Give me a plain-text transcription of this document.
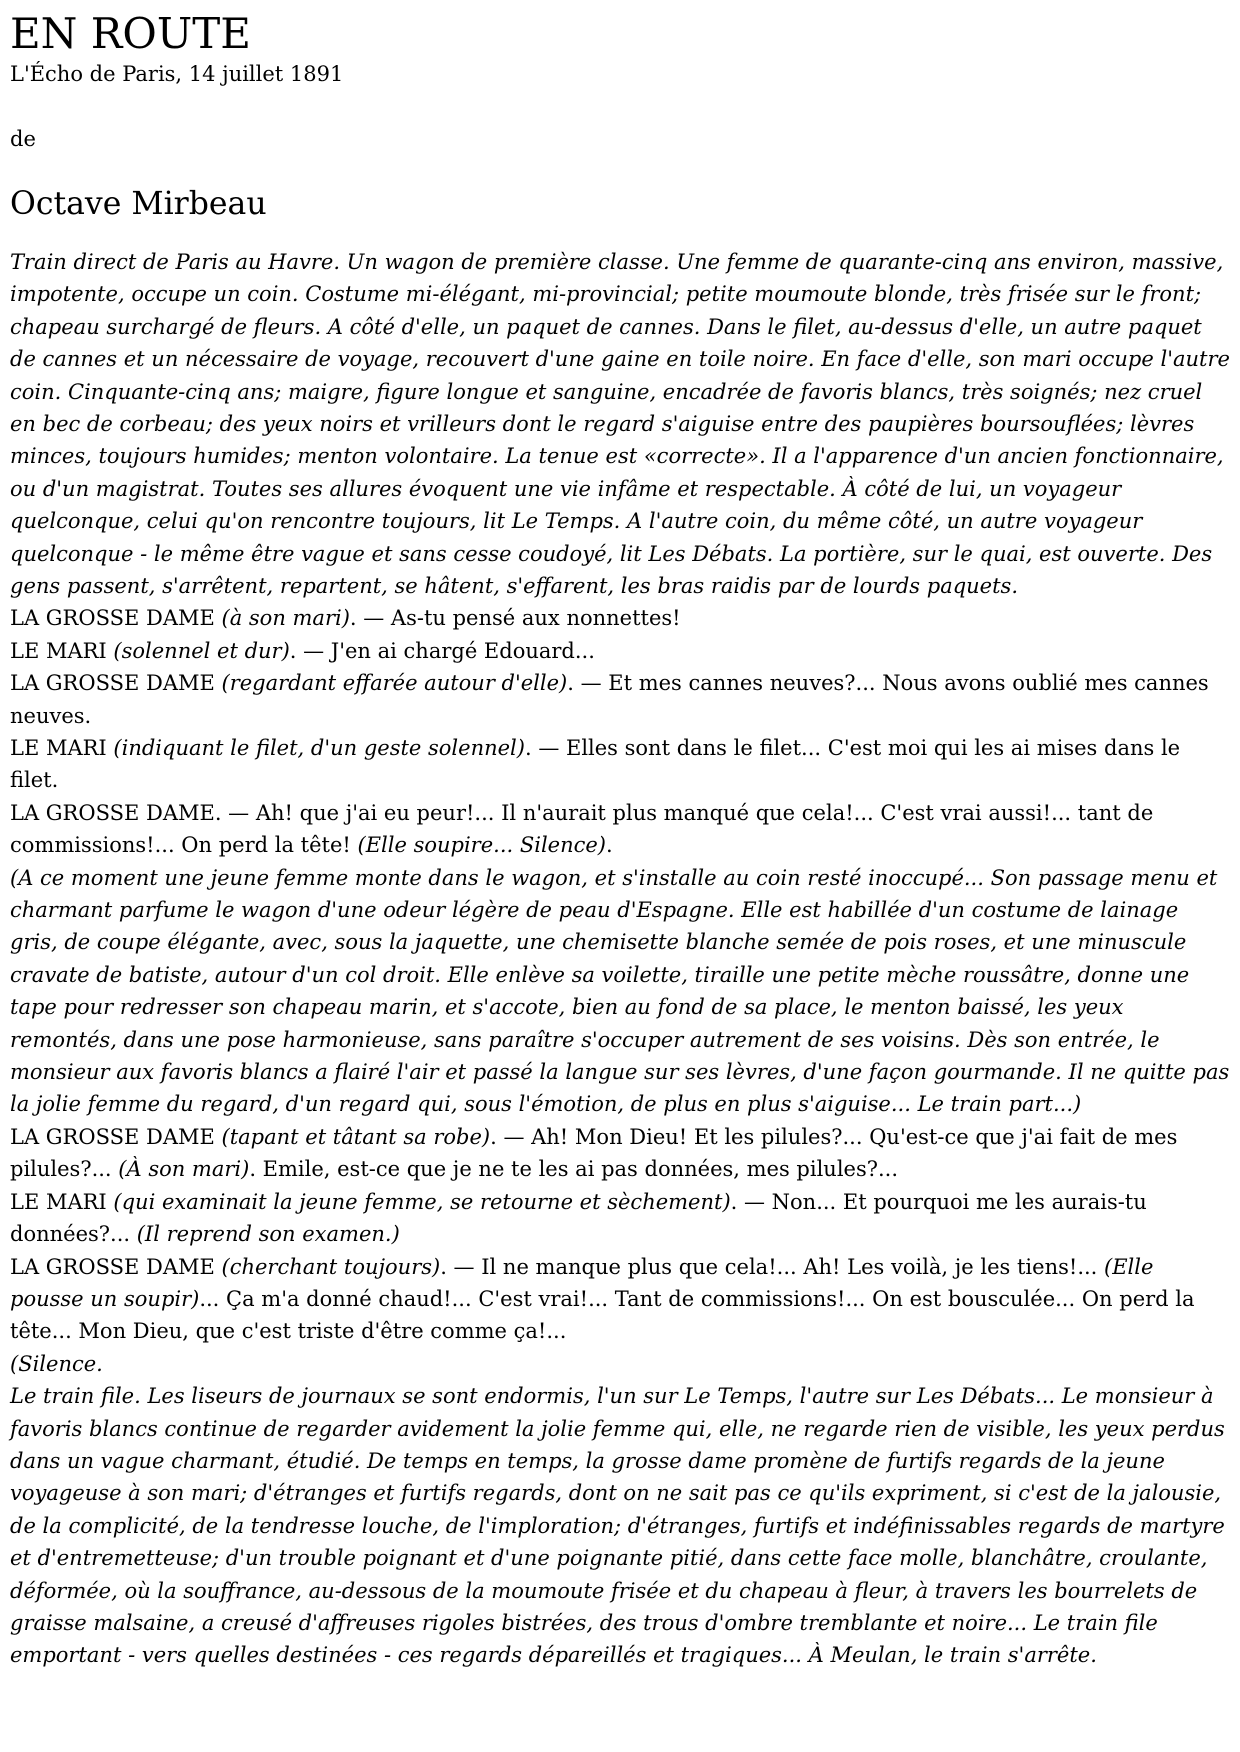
EN ROUTE

L'Écho de Paris, 14 juillet 1891

de

Octave Mirbeau

Train direct de Paris au Havre. Un wagon de première classe. Une femme de quarante-cinq ans environ, massive, impotente, occupe un coin. Costume mi-élégant, mi-provincial; petite moumoute blonde, très frisée sur le front; chapeau surchargé de fleurs. A côté d'elle, un paquet de cannes. Dans le filet, au-dessus d'elle, un autre paquet de cannes et un nécessaire de voyage, recouvert d'une gaine en toile noire. En face d'elle, son mari occupe l'autre coin. Cinquante-cinq ans; maigre, figure longue et sanguine, encadrée de favoris blancs, très soignés; nez cruel en bec de corbeau; des yeux noirs et vrilleurs dont le regard s'aiguise entre des paupières boursouflées; lèvres minces, toujours humides; menton volontaire. La tenue est «correcte». Il a l'apparence d'un ancien fonctionnaire, ou d'un magistrat. Toutes ses allures évoquent une vie infâme et respectable. À côté de lui, un voyageur quelconque, celui qu'on rencontre toujours, lit Le Temps. A l'autre coin, du même côté, un autre voyageur quelconque - le même être vague et sans cesse coudoyé, lit Les Débats. La portière, sur le quai, est ouverte. Des gens passent, s'arrêtent, repartent, se hâtent, s'effarent, les bras raidis par de lourds paquets.

LA GROSSE DAME (à son mari). — As-tu pensé aux nonnettes!

LE MARI (solennel et dur). — J'en ai chargé Edouard...

LA GROSSE DAME (regardant effarée autour d'elle). — Et mes cannes neuves?... Nous avons oublié mes cannes neuves.

LE MARI (indiquant le filet, d'un geste solennel). — Elles sont dans le filet... C'est moi qui les ai mises dans le filet.

LA GROSSE DAME. — Ah! que j'ai eu peur!... Il n'aurait plus manqué que cela!... C'est vrai aussi!... tant de commissions!... On perd la tête! (Elle soupire... Silence).

(A ce moment une jeune femme monte dans le wagon, et s'installe au coin resté inoccupé... Son passage menu et charmant parfume le wagon d'une odeur légère de peau d'Espagne. Elle est habillée d'un costume de lainage gris, de coupe élégante, avec, sous la jaquette, une chemisette blanche semée de pois roses, et une minuscule cravate de batiste, autour d'un col droit. Elle enlève sa voilette, tiraille une petite mèche roussâtre, donne une tape pour redresser son chapeau marin, et s'accote, bien au fond de sa place, le menton baissé, les yeux remontés, dans une pose harmonieuse, sans paraître s'occuper autrement de ses voisins. Dès son entrée, le monsieur aux favoris blancs a flairé l'air et passé la langue sur ses lèvres, d'une façon gourmande. Il ne quitte pas la jolie femme du regard, d'un regard qui, sous l'émotion, de plus en plus s'aiguise... Le train part...)

LA GROSSE DAME (tapant et tâtant sa robe). — Ah! Mon Dieu! Et les pilules?... Qu'est-ce que j'ai fait de mes pilules?... (À son mari). Emile, est-ce que je ne te les ai pas données, mes pilules?...

LE MARI (qui examinait la jeune femme, se retourne et sèchement). — Non... Et pourquoi me les aurais-tu données?... (Il reprend son examen.)

LA GROSSE DAME (cherchant toujours). — Il ne manque plus que cela!... Ah! Les voilà, je les tiens!... (Elle pousse un soupir)... Ça m'a donné chaud!... C'est vrai!... Tant de commissions!... On est bousculée... On perd la tête... Mon Dieu, que c'est triste d'être comme ça!...

(Silence.

Le train file. Les liseurs de journaux se sont endormis, l'un sur Le Temps, l'autre sur Les Débats... Le monsieur à favoris blancs continue de regarder avidement la jolie femme qui, elle, ne regarde rien de visible, les yeux perdus dans un vague charmant, étudié. De temps en temps, la grosse dame promène de furtifs regards de la jeune voyageuse à son mari; d'étranges et furtifs regards, dont on ne sait pas ce qu'ils expriment, si c'est de la jalousie, de la complicité, de la tendresse louche, de l'imploration; d'étranges, furtifs et indéfinissables regards de martyre et d'entremetteuse; d'un trouble poignant et d'une poignante pitié, dans cette face molle, blanchâtre, croulante, déformée, où la souffrance, au-dessous de la moumoute frisée et du chapeau à fleur, à travers les bourrelets de graisse malsaine, a creusé d'affreuses rigoles bistrées, des trous d'ombre tremblante et noire... Le train file emportant - vers quelles destinées - ces regards dépareillés et tragiques... À Meulan, le train s'arrête.
